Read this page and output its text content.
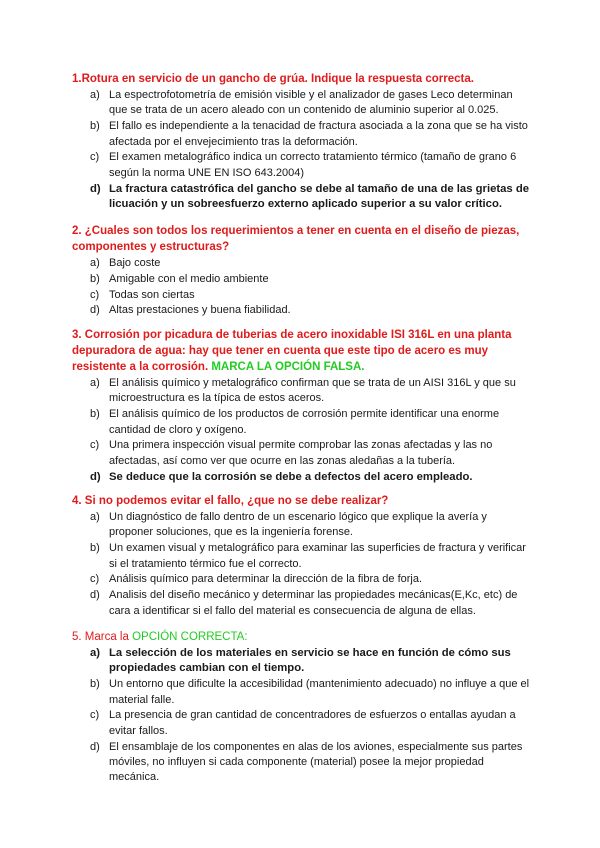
1.Rotura en servicio de un gancho de grúa. Indique la respuesta correcta.
a) La espectrofotometría de emisión visible y el analizador de gases Leco determinan que se trata de un acero aleado con un contenido de aluminio superior al 0.025.
b) El fallo es independiente a la tenacidad de fractura asociada a la zona que se ha visto afectada por el envejecimiento tras la deformación.
c) El examen metalográfico indica un correcto tratamiento térmico (tamaño de grano 6 según la norma UNE EN ISO 643.2004)
d) La fractura catastrófica del gancho se debe al tamaño de una de las grietas de licuación y un sobreesfuerzo externo aplicado superior a su valor crítico.
2. ¿Cuales son todos los requerimientos a tener en cuenta en el diseño de piezas, componentes y estructuras?
a) Bajo coste
b) Amigable con el medio ambiente
c) Todas son ciertas
d) Altas prestaciones y buena fiabilidad.
3. Corrosión por picadura de tuberias de acero inoxidable ISI 316L en una planta depuradora de agua: hay que tener en cuenta que este tipo de acero es muy resistente a la corrosión. MARCA LA OPCIÓN FALSA.
a) El análisis químico y metalográfico confirman que se trata de un AISI 316L y que su microestructura es la típica de estos aceros.
b) El análisis químico de los productos de corrosión permite identificar una enorme cantidad de cloro y oxígeno.
c) Una primera inspección visual permite comprobar las zonas afectadas y las no afectadas, así como ver que ocurre en las zonas aledañas a la tubería.
d) Se deduce que la corrosión se debe a defectos del acero empleado.
4. Si no podemos evitar el fallo, ¿que no se debe realizar?
a) Un diagnóstico de fallo dentro de un escenario lógico que explique la avería y proponer soluciones, que es la ingeniería forense.
b) Un examen visual y metalográfico para examinar las superficies de fractura y verificar si el tratamiento térmico fue el correcto.
c) Análisis químico para determinar la dirección de la fibra de forja.
d) Analisis del diseño mecánico y determinar las propiedades mecánicas(E,Kc, etc) de cara a identificar si el fallo del material es consecuencia de alguna de ellas.
5. Marca la OPCIÓN CORRECTA:
a) La selección de los materiales en servicio se hace en función de cómo sus propiedades cambian con el tiempo.
b) Un entorno que dificulte la accesibilidad (mantenimiento adecuado) no influye a que el material falle.
c) La presencia de gran cantidad de concentradores de esfuerzos o entallas ayudan a evitar fallos.
d) El ensamblaje de los componentes en alas de los aviones, especialmente sus partes móviles, no influyen si cada componente (material) posee la mejor propiedad mecánica.
